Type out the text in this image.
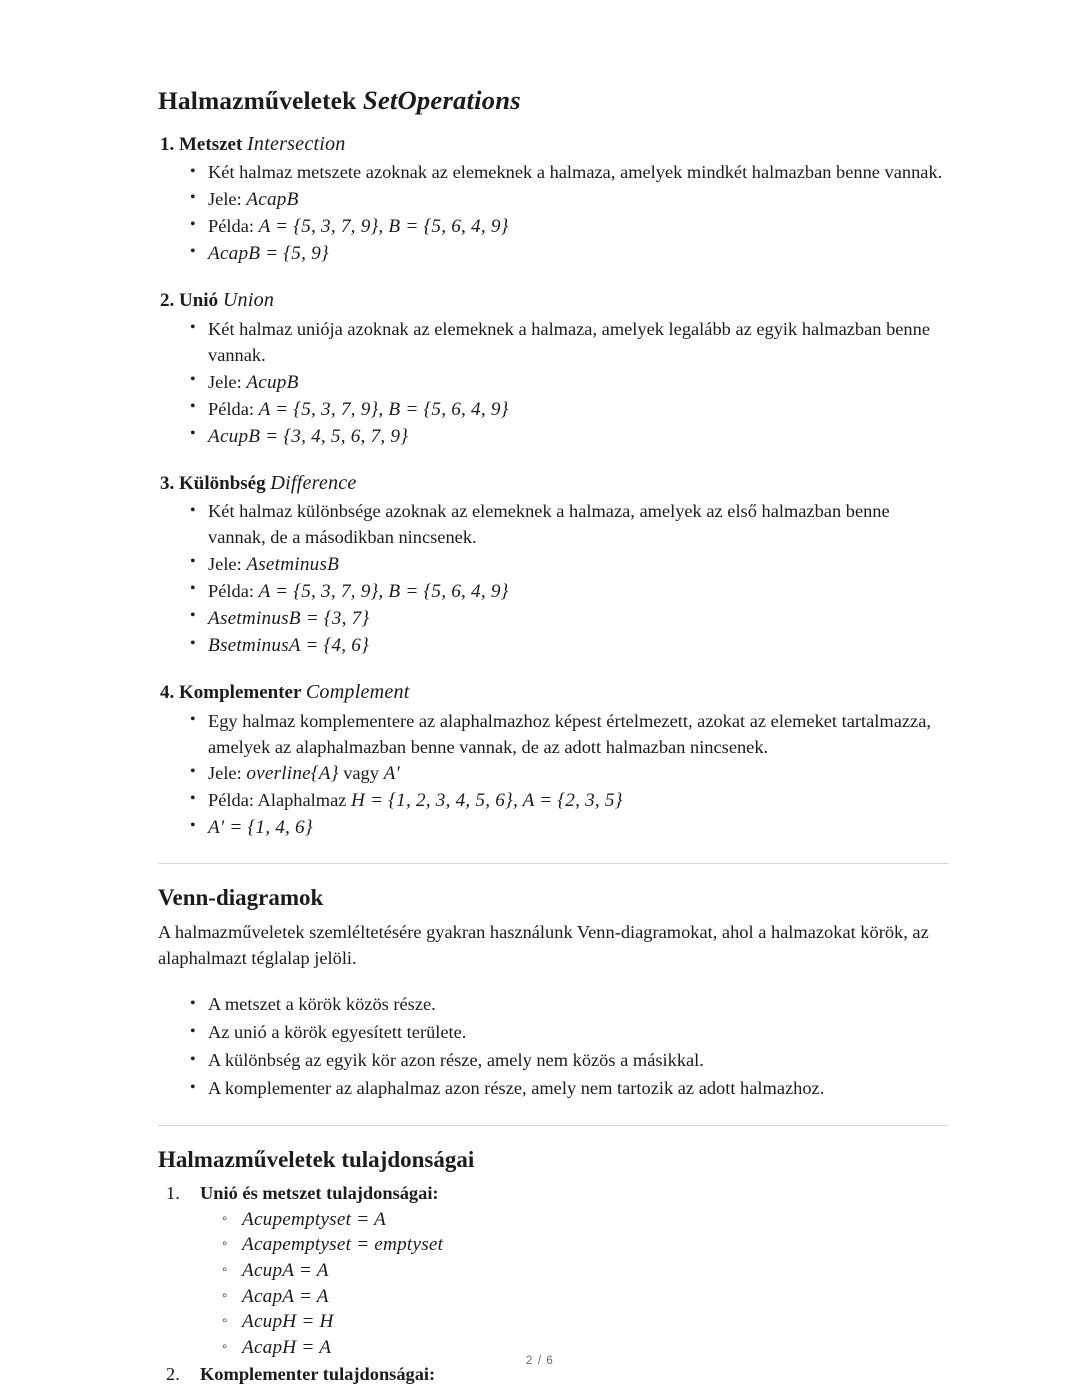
Halmazműveletek SetOperations
1. Metszet Intersection
• Két halmaz metszete azoknak az elemeknek a halmaza, amelyek mindkét halmazban benne vannak.
• Jele: AcapB
• Példa: A = {5, 3, 7, 9}, B = {5, 6, 4, 9}
• AcapB = {5, 9}
2. Unió Union
• Két halmaz uniója azoknak az elemeknek a halmaza, amelyek legalább az egyik halmazban benne vannak.
• Jele: AcupB
• Példa: A = {5, 3, 7, 9}, B = {5, 6, 4, 9}
• AcupB = {3, 4, 5, 6, 7, 9}
3. Különbség Difference
• Két halmaz különbsége azoknak az elemeknek a halmaza, amelyek az első halmazban benne vannak, de a másodikban nincsenek.
• Jele: AsetminusB
• Példa: A = {5, 3, 7, 9}, B = {5, 6, 4, 9}
• AsetminusB = {3, 7}
• BsetminusA = {4, 6}
4. Komplementer Complement
• Egy halmaz komplementere az alaphalmazhoz képest értelmezett, azokat az elemeket tartalmazza, amelyek az alaphalmazban benne vannak, de az adott halmazban nincsenek.
• Jele: overline{A} vagy A′
• Példa: Alaphalmaz H = {1, 2, 3, 4, 5, 6}, A = {2, 3, 5}
• A′ = {1, 4, 6}
Venn-diagramok

A halmazműveletek szemléltetésére gyakran használunk Venn-diagramokat, ahol a halmazokat körök, az alaphalmazt téglalap jelöli.

• A metszet a körök közös része.
• Az unió a körök egyesített területe.
• A különbség az egyik kör azon része, amely nem közös a másikkal.
• A komplementer az alaphalmaz azon része, amely nem tartozik az adott halmazhoz.
Halmazműveletek tulajdonságai
1. Unió és metszet tulajdonságai:
◦ Acupemptyset = A
◦ Acapemptyset = emptyset
◦ AcupA = A
◦ AcapA = A
◦ AcupH = H
◦ AcapH = A
2. Komplementer tulajdonságai:
2 / 6
